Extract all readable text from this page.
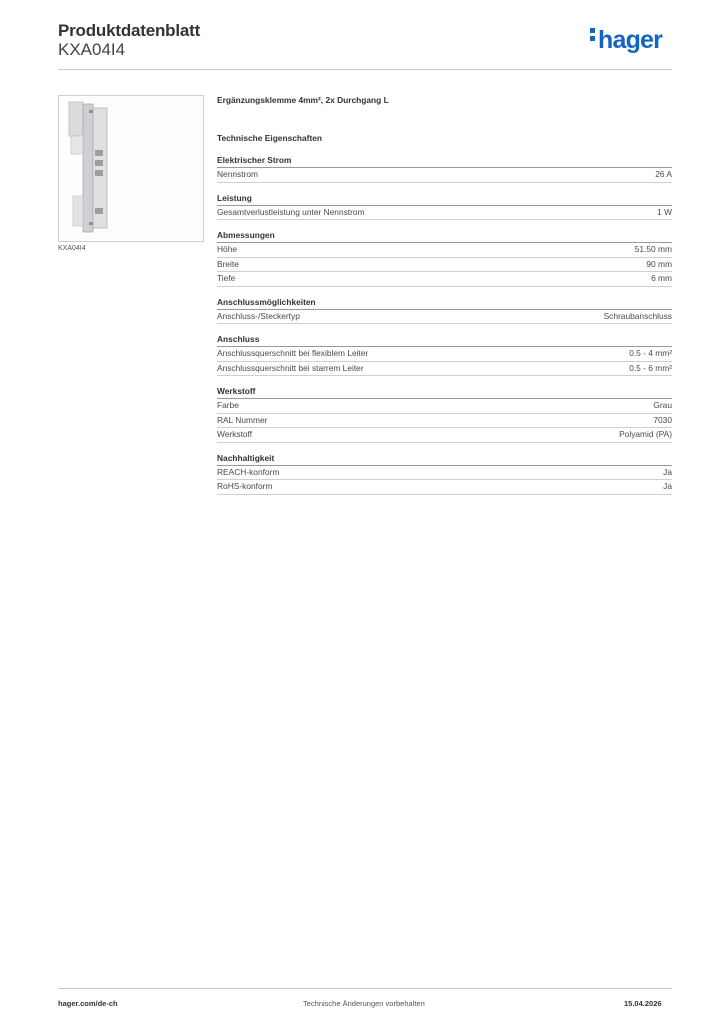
Produktdatenblatt
KXA04I4	hager
KXA04I4
Ergänzungsklemme 4mm², 2x Durchgang L
Technische Eigenschaften
Elektrischer Strom
Nennstrom	26 A
Leistung
Gesamtverlustleistung unter Nennstrom	1 W
Abmessungen
Höhe	51.50 mm
Breite	90 mm
Tiefe	6 mm
Anschlussmöglichkeiten
Anschluss-/Steckertyp	Schraubanschluss
Anschluss
Anschlussquerschnitt bei flexiblem Leiter	0.5 - 4 mm²
Anschlussquerschnitt bei starrem Leiter	0.5 - 6 mm²
Werkstoff
Farbe	Grau
RAL Nummer	7030
Werkstoff	Polyamid (PA)
Nachhaltigkeit
REACH-konform	Ja
RoHS-konform	Ja
hager.com/de-ch	Technische Änderungen vorbehalten	15.04.2026
